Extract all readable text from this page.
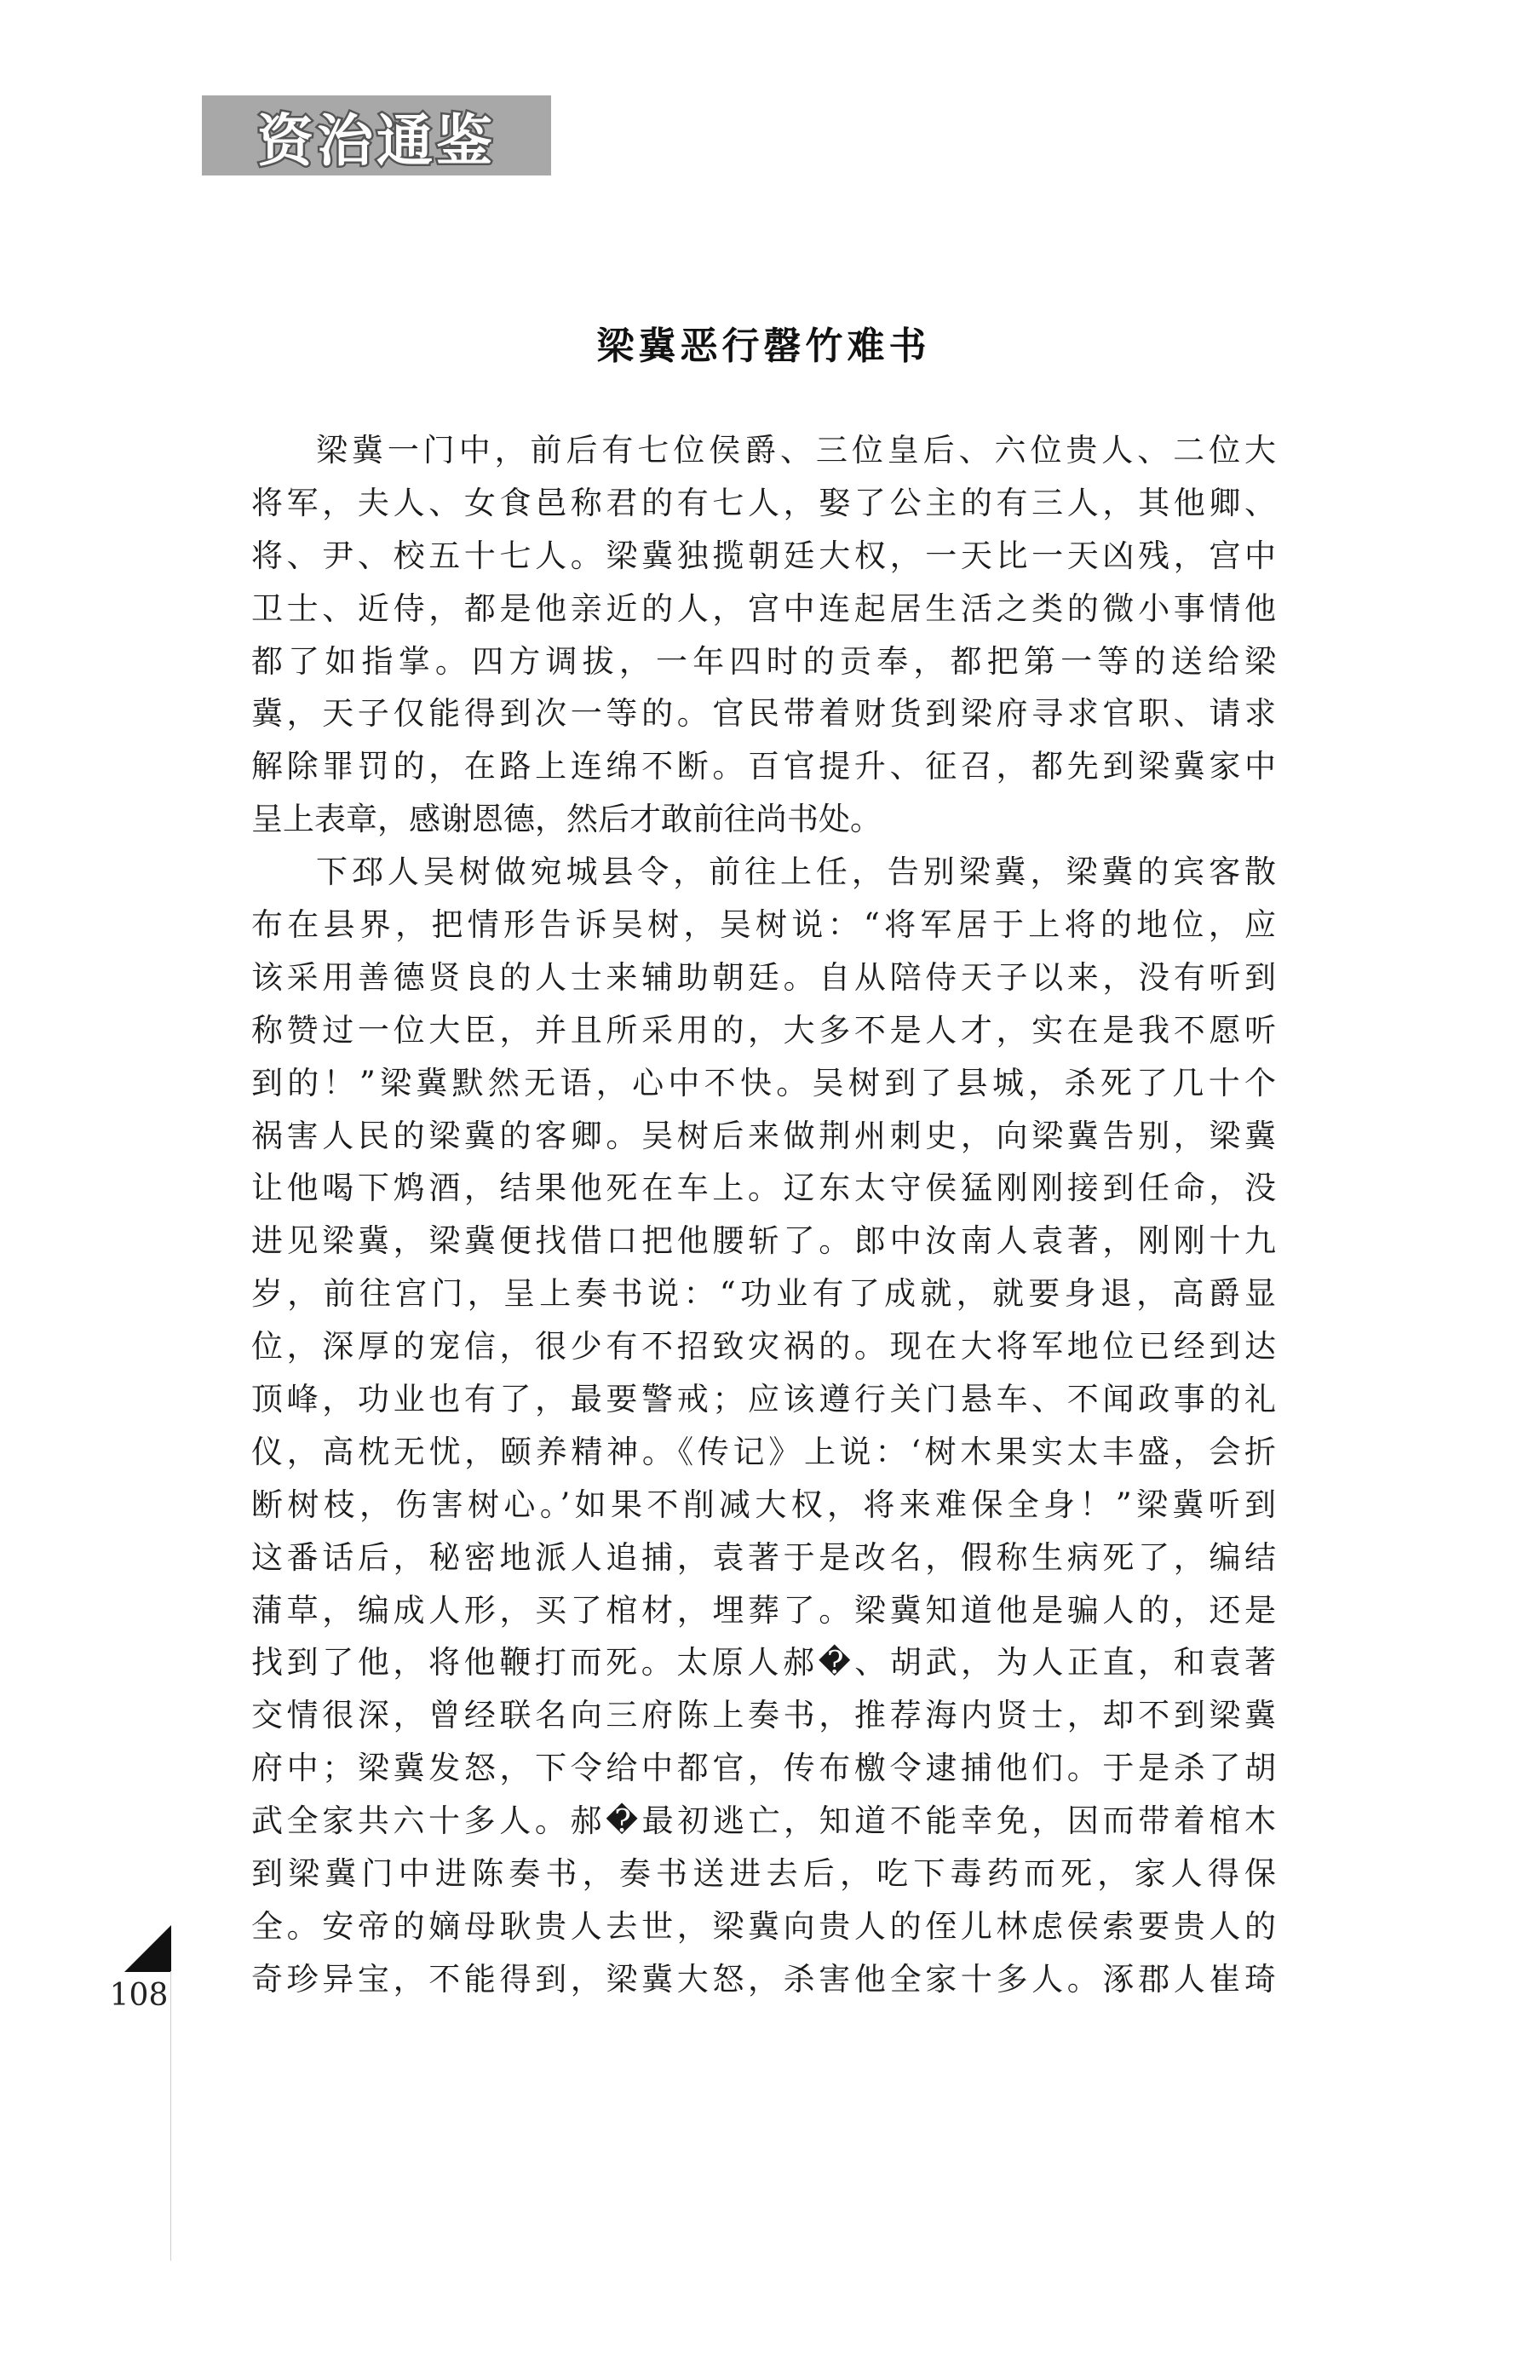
资治通鉴
梁冀恶行罄竹难书
梁冀一门中，前后有七位侯爵、三位皇后、六位贵人、二位大
将军，夫人、女食邑称君的有七人，娶了公主的有三人，其他卿、
将、尹、校五十七人。梁冀独揽朝廷大权，一天比一天凶残，宫中
卫士、近侍，都是他亲近的人，宫中连起居生活之类的微小事情他
都了如指掌。四方调拔，一年四时的贡奉，都把第一等的送给梁
冀，天子仅能得到次一等的。官民带着财货到梁府寻求官职、请求
解除罪罚的，在路上连绵不断。百官提升、征召，都先到梁冀家中
呈上表章，感谢恩德，然后才敢前往尚书处。
下邳人吴树做宛城县令，前往上任，告别梁冀，梁冀的宾客散
布在县界，把情形告诉吴树，吴树说：“将军居于上将的地位，应
该采用善德贤良的人士来辅助朝廷。自从陪侍天子以来，没有听到
称赞过一位大臣，并且所采用的，大多不是人才，实在是我不愿听
到的！”梁冀默然无语，心中不快。吴树到了县城，杀死了几十个
祸害人民的梁冀的客卿。吴树后来做荆州刺史，向梁冀告别，梁冀
让他喝下鸩酒，结果他死在车上。辽东太守侯猛刚刚接到任命，没
进见梁冀，梁冀便找借口把他腰斩了。郎中汝南人袁著，刚刚十九
岁，前往宫门，呈上奏书说：“功业有了成就，就要身退，高爵显
位，深厚的宠信，很少有不招致灾祸的。现在大将军地位已经到达
顶峰，功业也有了，最要警戒；应该遵行关门悬车、不闻政事的礼
仪，高枕无忧，颐养精神。《传记》上说：‘树木果实太丰盛，会折
断树枝，伤害树心。’如果不削减大权，将来难保全身！”梁冀听到
这番话后，秘密地派人追捕，袁著于是改名，假称生病死了，编结
蒲草，编成人形，买了棺材，埋葬了。梁冀知道他是骗人的，还是
找到了他，将他鞭打而死。太原人郝�、胡武，为人正直，和袁著
交情很深，曾经联名向三府陈上奏书，推荐海内贤士，却不到梁冀
府中；梁冀发怒，下令给中都官，传布檄令逮捕他们。于是杀了胡
武全家共六十多人。郝�最初逃亡，知道不能幸免，因而带着棺木
到梁冀门中进陈奏书，奏书送进去后，吃下毒药而死，家人得保
全。安帝的嫡母耿贵人去世，梁冀向贵人的侄儿林虑侯索要贵人的
奇珍异宝，不能得到，梁冀大怒，杀害他全家十多人。涿郡人崔琦
108
